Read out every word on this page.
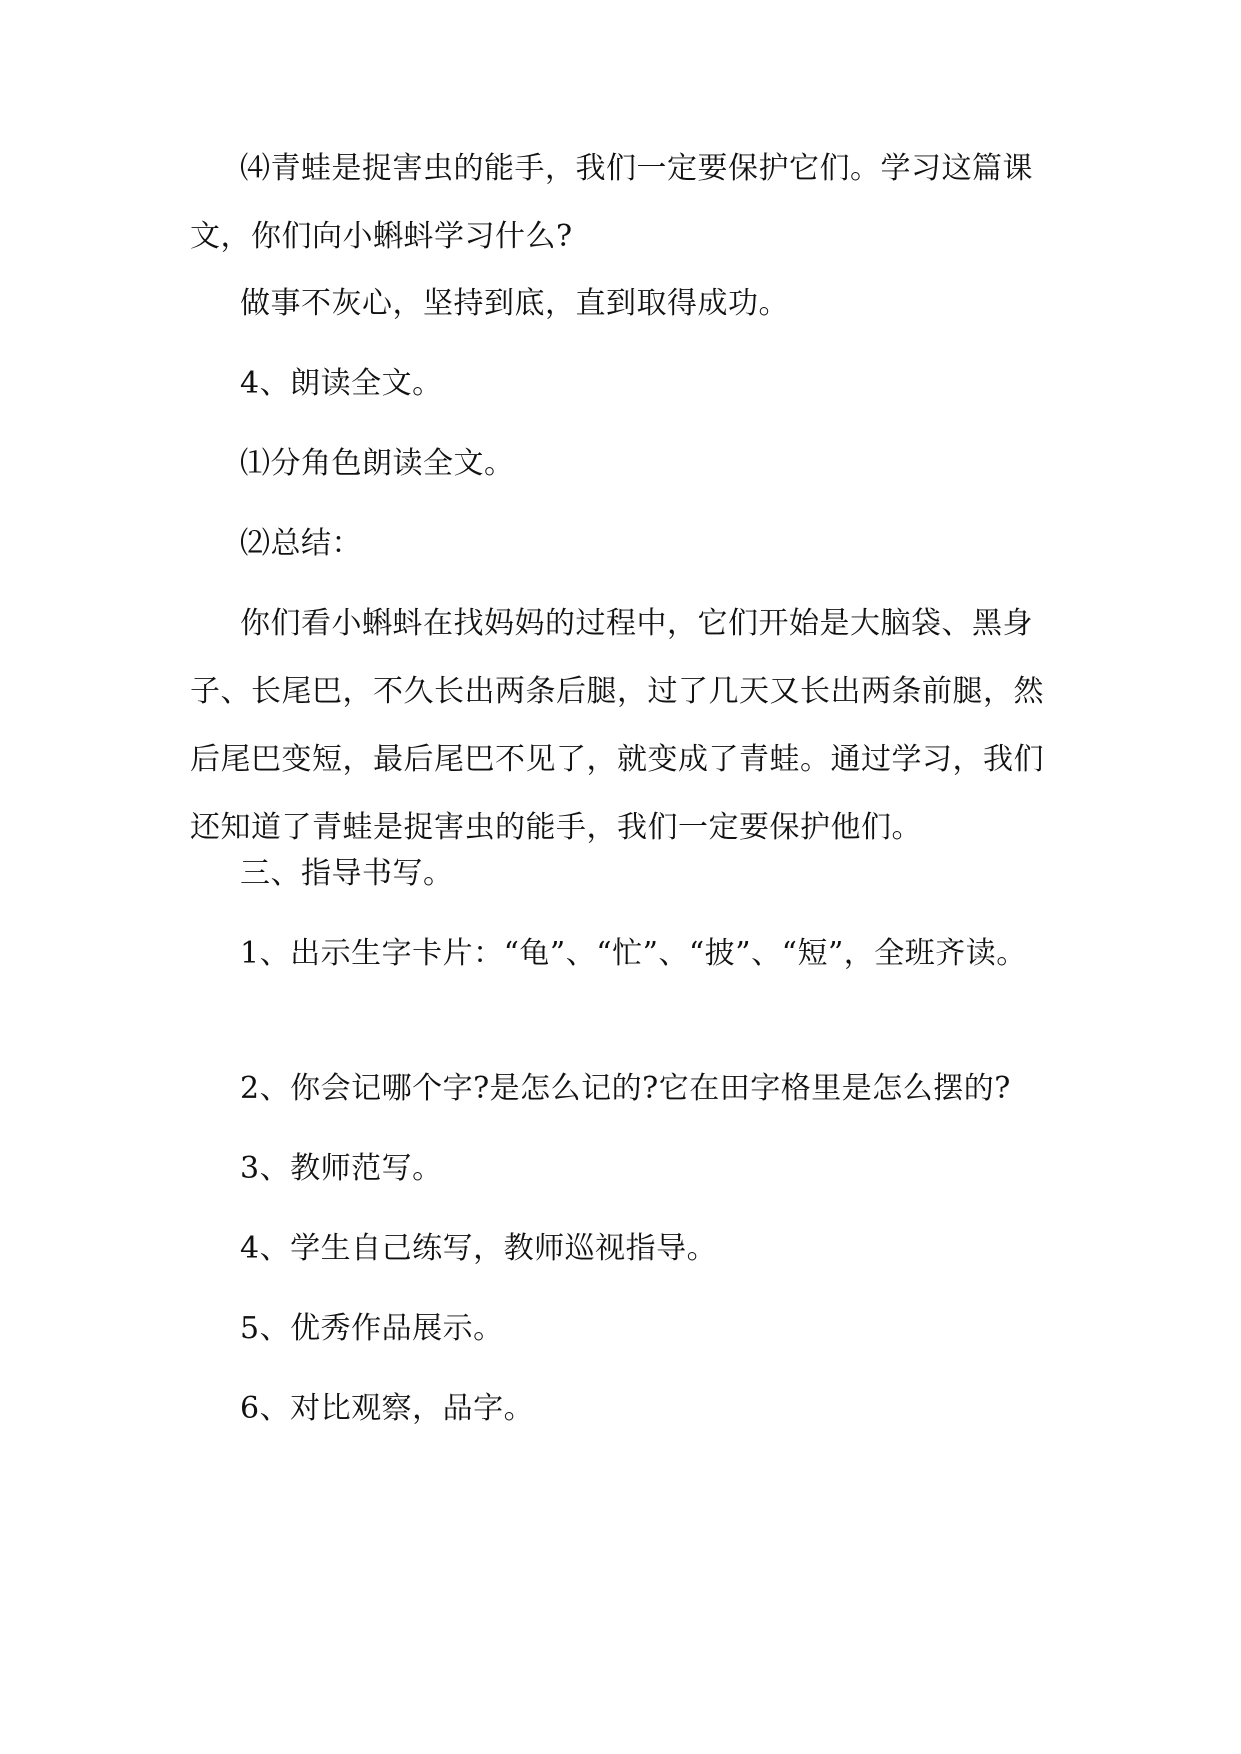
⑷青蛙是捉害虫的能手，我们一定要保护它们。学习这篇课文，你们向小蝌蚪学习什么?

做事不灰心，坚持到底，直到取得成功。

4、朗读全文。

⑴分角色朗读全文。

⑵总结：

你们看小蝌蚪在找妈妈的过程中，它们开始是大脑袋、黑身子、长尾巴，不久长出两条后腿，过了几天又长出两条前腿，然后尾巴变短，最后尾巴不见了，就变成了青蛙。通过学习，我们还知道了青蛙是捉害虫的能手，我们一定要保护他们。

三、指导书写。

1、出示生字卡片：“龟”、“忙”、“披”、“短”，全班齐读。

2、你会记哪个字?是怎么记的?它在田字格里是怎么摆的?

3、教师范写。

4、学生自己练写，教师巡视指导。

5、优秀作品展示。

6、对比观察，品字。
